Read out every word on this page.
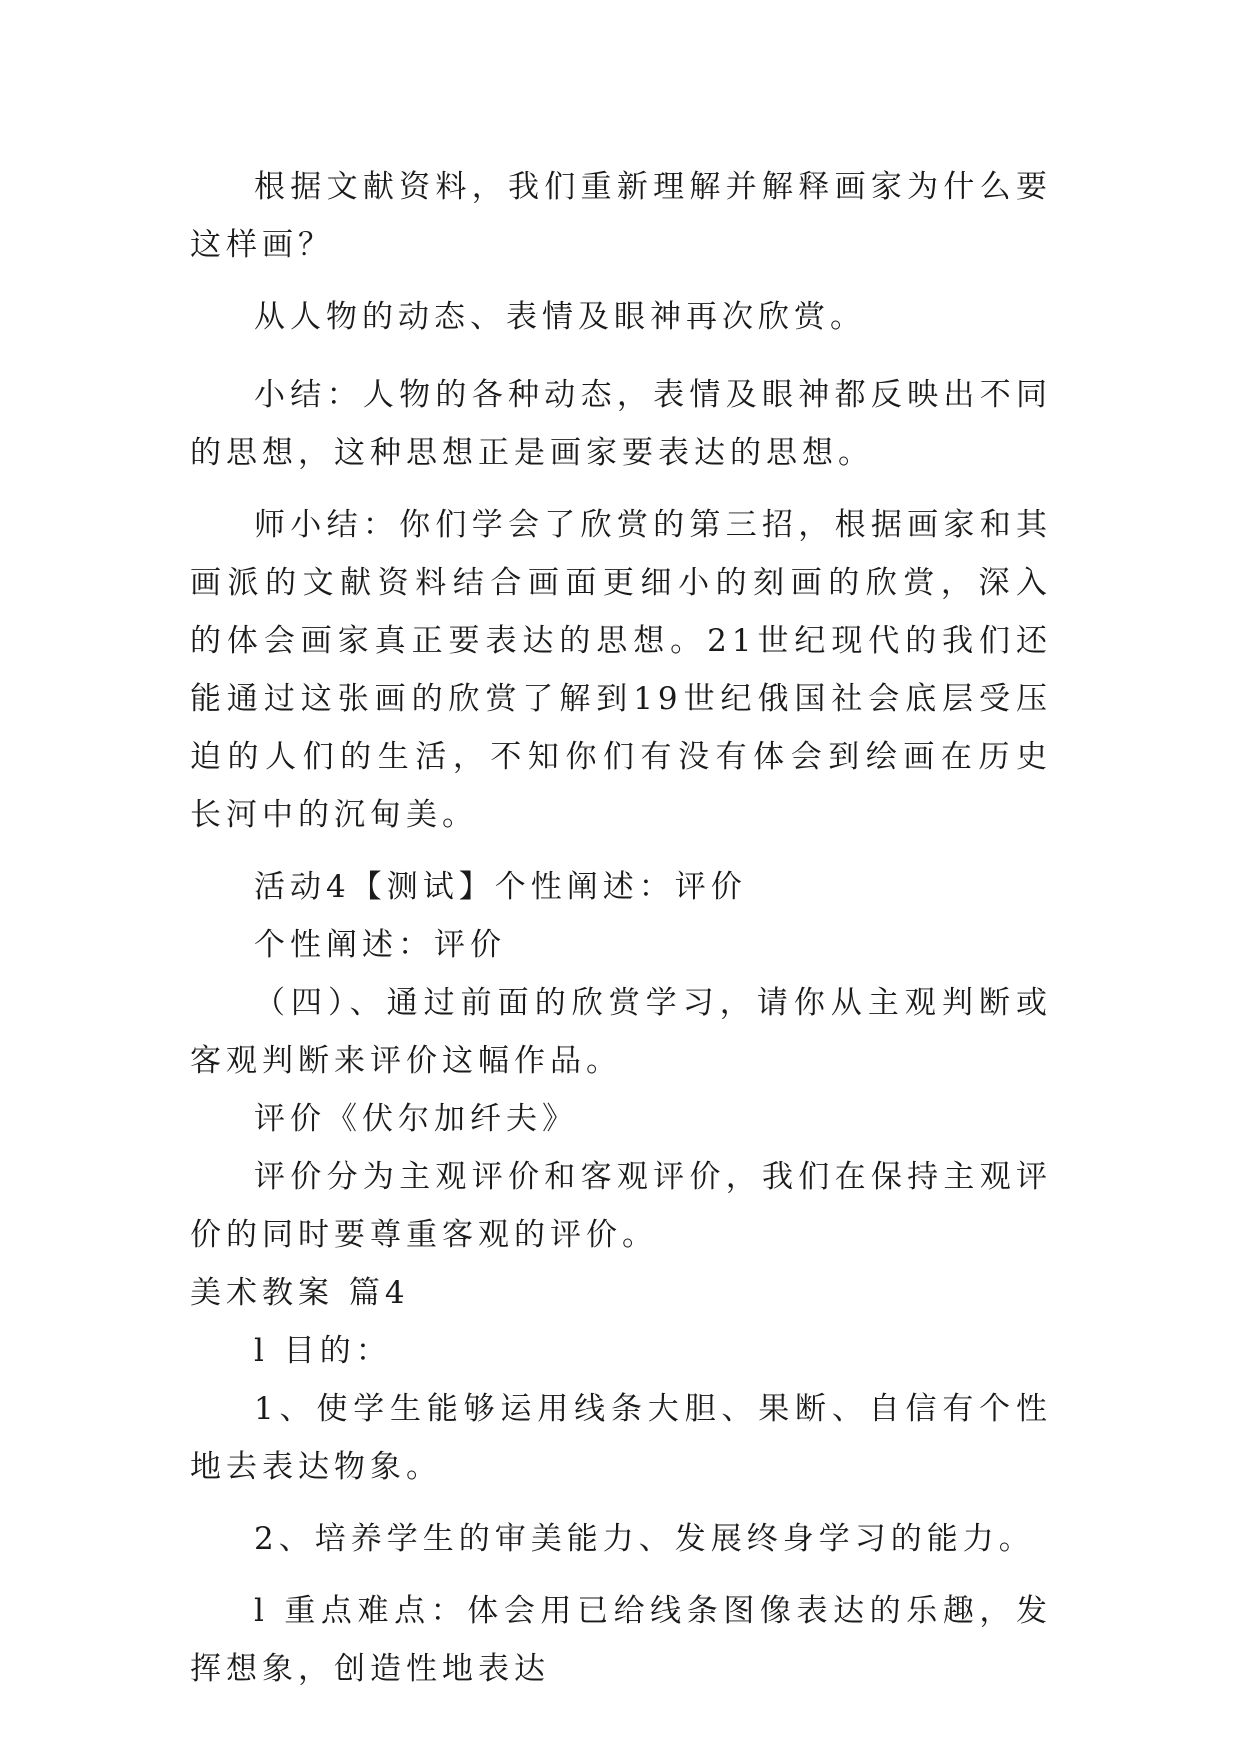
根据文献资料，我们重新理解并解释画家为什么要这样画？

从人物的动态、表情及眼神再次欣赏。

小结：人物的各种动态，表情及眼神都反映出不同的思想，这种思想正是画家要表达的思想。

师小结：你们学会了欣赏的第三招，根据画家和其画派的文献资料结合画面更细小的刻画的欣赏，深入的体会画家真正要表达的思想。21世纪现代的我们还能通过这张画的欣赏了解到19世纪俄国社会底层受压迫的人们的生活，不知你们有没有体会到绘画在历史长河中的沉甸美。

活动4【测试】个性阐述：评价

个性阐述：评价

（四）、通过前面的欣赏学习，请你从主观判断或客观判断来评价这幅作品。

评价《伏尔加纤夫》

评价分为主观评价和客观评价，我们在保持主观评价的同时要尊重客观的评价。

美术教案 篇4

l 目的：

1、使学生能够运用线条大胆、果断、自信有个性地去表达物象。

2、培养学生的审美能力、发展终身学习的能力。

l 重点难点：体会用已给线条图像表达的乐趣，发挥想象，创造性地表达
